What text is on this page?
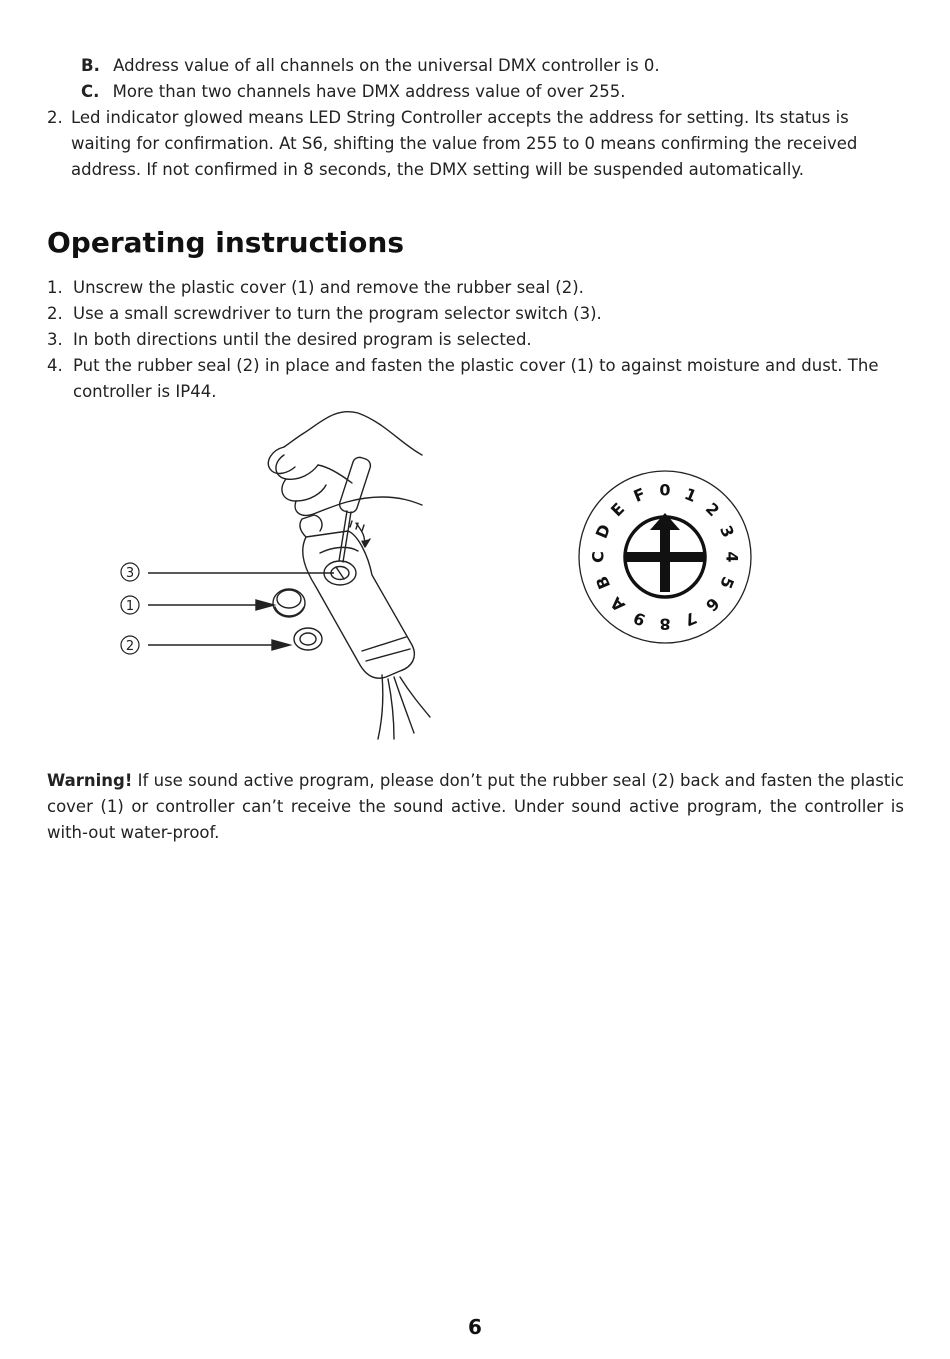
B. Address value of all channels on the universal DMX controller is 0.
C. More than two channels have DMX address value of over 255.
2. Led indicator glowed means LED String Controller accepts the address for setting. Its status is
waiting for confirmation. At S6, shifting the value from 255 to 0 means confirming the received
address. If not confirmed in 8 seconds, the DMX setting will be suspended automatically.
Operating instructions
1. Unscrew the plastic cover (1) and remove the rubber seal (2).
2. Use a small screwdriver to turn the program selector switch (3).
3. In both directions until the desired program is selected.
4. Put the rubber seal (2) in place and fasten the plastic cover (1) to against moisture and dust. The
controller is IP44.
3
1
2
0 1
2
3
4
5
6
7
8
9
A
B
C
D
E
F
Warning! If use sound active program, please don’t put the rubber seal (2) back and fasten the plastic cover (1) or controller can’t receive the sound active. Under sound active program, the controller is with-out water-proof.
6
